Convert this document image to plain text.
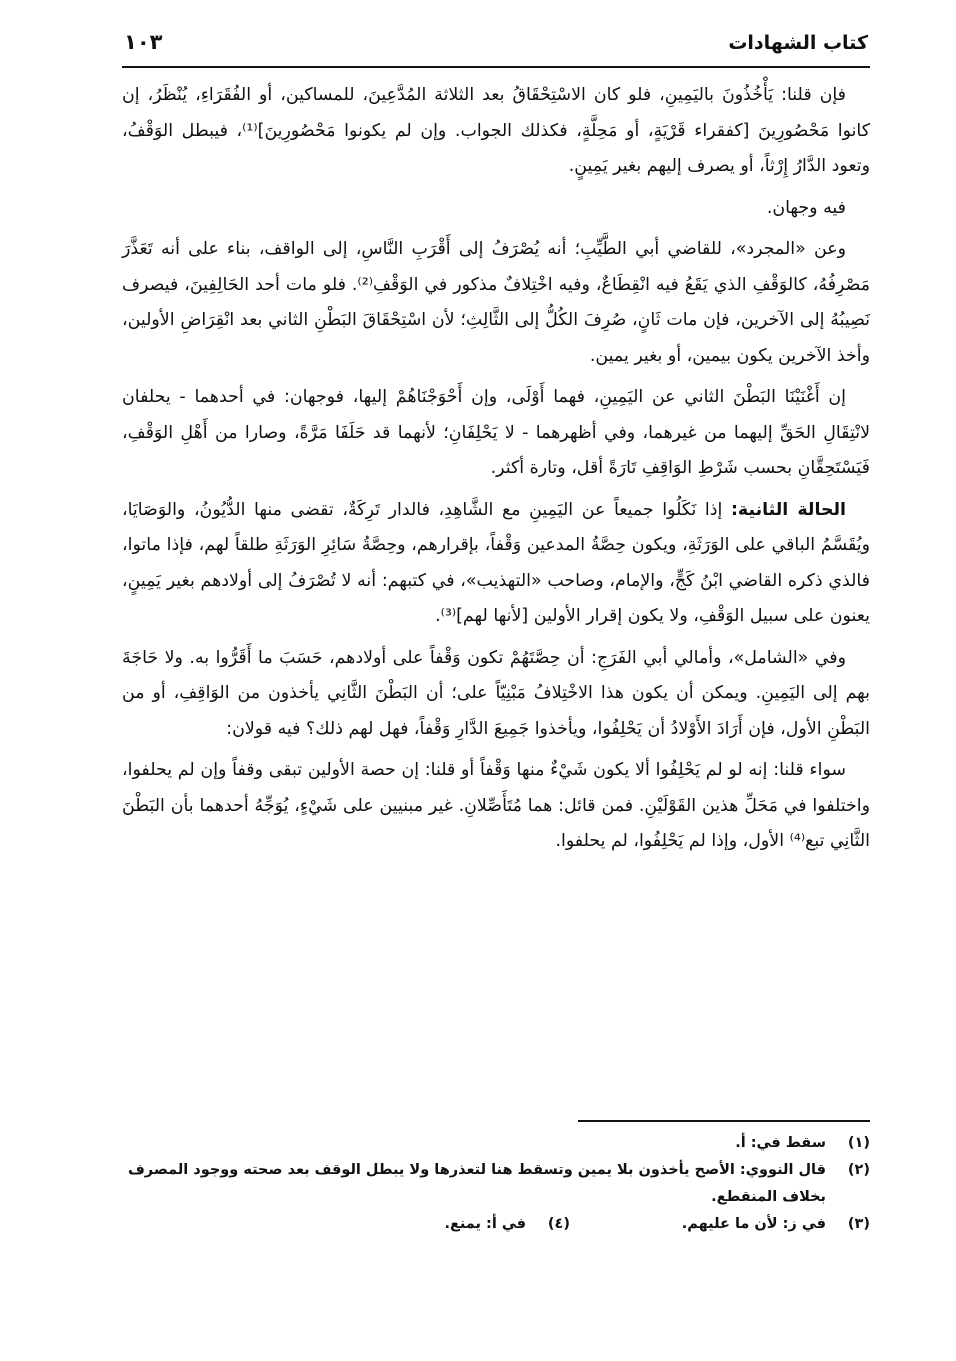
كتاب الشهادات
١٠٣

فإن قلنا: يَأْخُذُونَ باليَمِينِ، فلو كان الاسْتِحْقَاقُ بعد الثلاثة المُدَّعِينَ، للمساكين، أو الفُقَرَاءِ، يُنْظَرُ، إن كانوا مَحْصُورِينَ [كفقراء قَرْيَةٍ، أو مَحِلَّةٍ، فكذلك الجواب. وإن لم يكونوا مَحْصُورِينَ]⁽¹⁾، فيبطل الوَقْفُ، وتعود الدَّارُ إِرْثاً، أو يصرف إليهم بغير يَمِينٍ.

فيه وجهان.

وعن «المجرد»، للقاضي أبي الطَّيِّبِ؛ أنه يُصْرَفُ إلى أَقْرَبِ النَّاسِ، إلى الواقف، بناء على أنه تَعَذَّرَ مَصْرِفُهُ، كالوَقْفِ الذي يَقَعُ فيه انْقِطَاعٌ، وفيه اخْتِلافٌ مذكور في الوَقْفِ⁽²⁾. فلو مات أحد الحَالِفِينَ، فيصرف نَصِيبُهُ إلى الآخرين، فإن مات ثَانٍ، صُرِفَ الكُلُّ إلى الثَّالِثِ؛ لأن اسْتِحْقَاقَ البَطْنِ الثاني بعد انْقِرَاضِ الأولين، وأخذ الآخرين يكون بيمين، أو بغير يمين.

إن أَغْنَيْنَا البَطْنَ الثاني عن اليَمِينِ، فهما أَوْلَى، وإن أَحْوَجْنَاهُمْ إليها، فوجهان: في أحدهما - يحلفان لانْتِقَالِ الحَقِّ إليهما من غيرهما، وفي أظهرهما - لا يَحْلِفَانِ؛ لأنهما قد حَلَفَا مَرَّةً، وصارا من أَهْلِ الوَقْفِ، فَيَسْتَحِقَّانِ بحسب شَرْطِ الوَاقِفِ تَارَةً أقل، وتارة أكثر.

الحالة الثانية: إذا نَكَلُوا جميعاً عن اليَمِينِ مع الشَّاهِدِ، فالدار تَرِكَةٌ، تقضى منها الدُّيُونُ، والوَصَايَا، ويُقَسَّمُ الباقي على الوَرَثَةِ، ويكون حِصَّةُ المدعين وَقْفاً، بإقرارهم، وحِصَّةُ سَائِرِ الوَرَثَةِ طلقاً لهم، فإذا ماتوا، فالذي ذكره القاضي ابْنُ كَجٍّ، والإمام، وصاحب «التهذيب»، في كتبهم: أنه لا تُصْرَفُ إلى أولادهم بغير يَمِينٍ، يعنون على سبيل الوَقْفِ، ولا يكون إقرار الأولين [لأنها لهم]⁽³⁾.

وفي «الشامل»، وأمالي أبي الفَرَجِ: أن حِصَّتَهُمْ تكون وَقْفاً على أولادهم، حَسَبَ ما أَقَرُّوا به. ولا حَاجَةَ بهم إلى اليَمِينِ. ويمكن أن يكون هذا الاخْتِلافُ مَبْنِيّاً على؛ أن البَطْنَ الثَّانِي يأخذون من الوَاقِفِ، أو من البَطْنِ الأول، فإن أَرَادَ الأَوْلادُ أن يَحْلِفُوا، ويأخذوا جَمِيعَ الدَّارِ وَقْفاً، فهل لهم ذلك؟ فيه قولان:

سواء قلنا: إنه لو لم يَحْلِفُوا ألا يكون شَيْءٌ منها وَقْفاً أو قلنا: إن حصة الأولين تبقى وقفاً وإن لم يحلفوا، واختلفوا في مَحَلِّ هذين القَوْلَيْنِ. فمن قائل: هما مُتَأَصِّلانِ. غير مبنيين على شَيْءٍ، يُوَجِّهُ أحدهما بأن البَطْنَ الثَّانِي تبع⁽⁴⁾ الأول، وإذا لم يَحْلِفُوا، لم يحلفوا.

(١)
سقط في: أ.
(٢)
قال النووي: الأصح يأخذون بلا يمين وتسقط هنا لتعذرها ولا يبطل الوقف بعد صحته ووجود المصرف بخلاف المنقطع.
(٣)
في ز: لأن ما عليهم.
(٤)
في أ: يمنع.
